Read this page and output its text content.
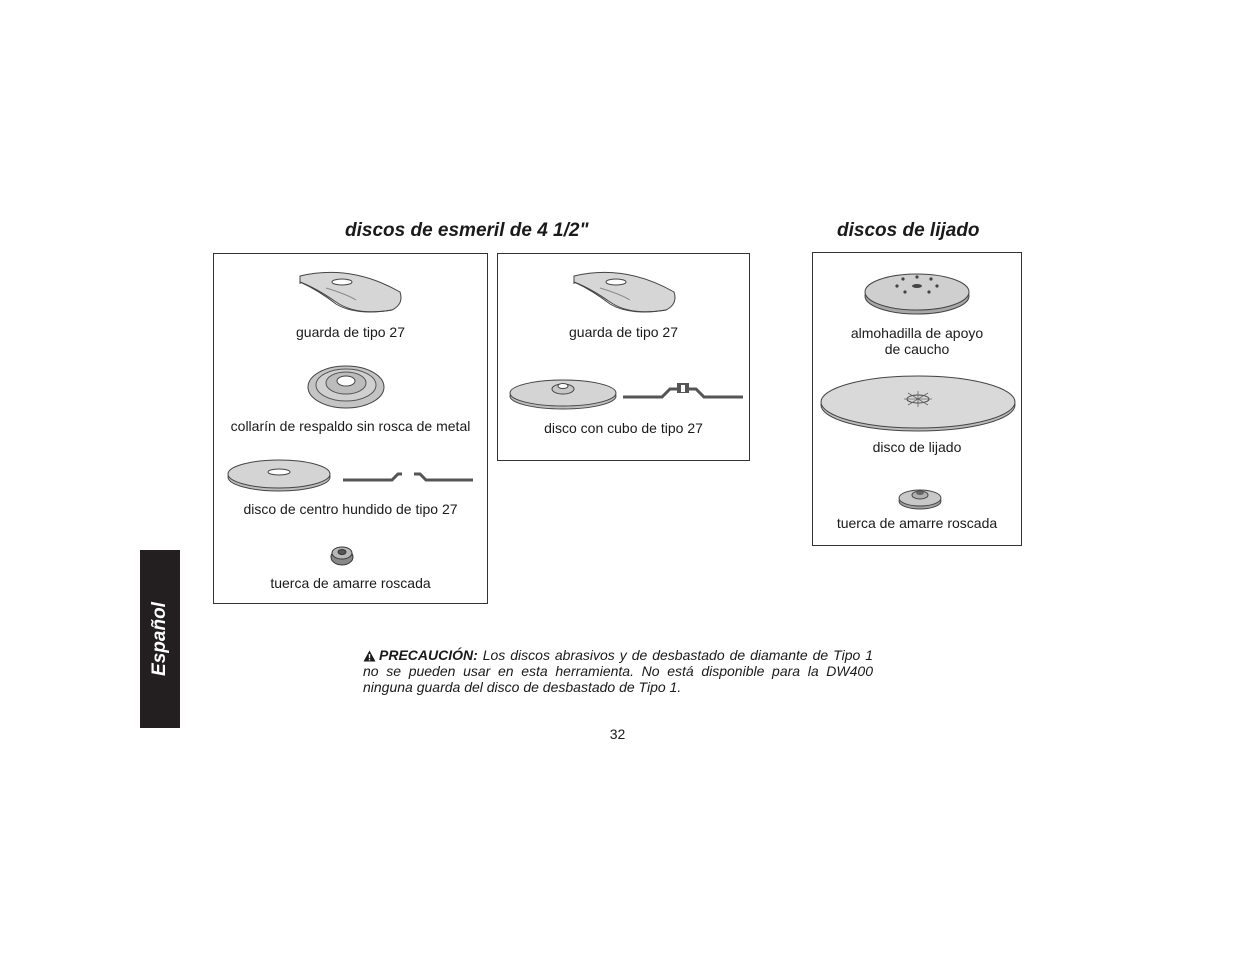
discos de esmeril de 4 1/2"	discos de lijado
guarda de tipo 27
collarín de respaldo sin rosca de metal
disco de centro hundido de tipo 27
tuerca de amarre roscada
guarda de tipo 27
disco con cubo de tipo 27
almohadilla de apoyo
de caucho
disco de lijado
tuerca de amarre roscada
Español	PRECAUCIÓN: Los discos abrasivos y de desbastado de diamante de Tipo 1 no se pueden usar en esta herramienta. No está disponible para la DW400 ninguna guarda del disco de desbastado de Tipo 1.
32
